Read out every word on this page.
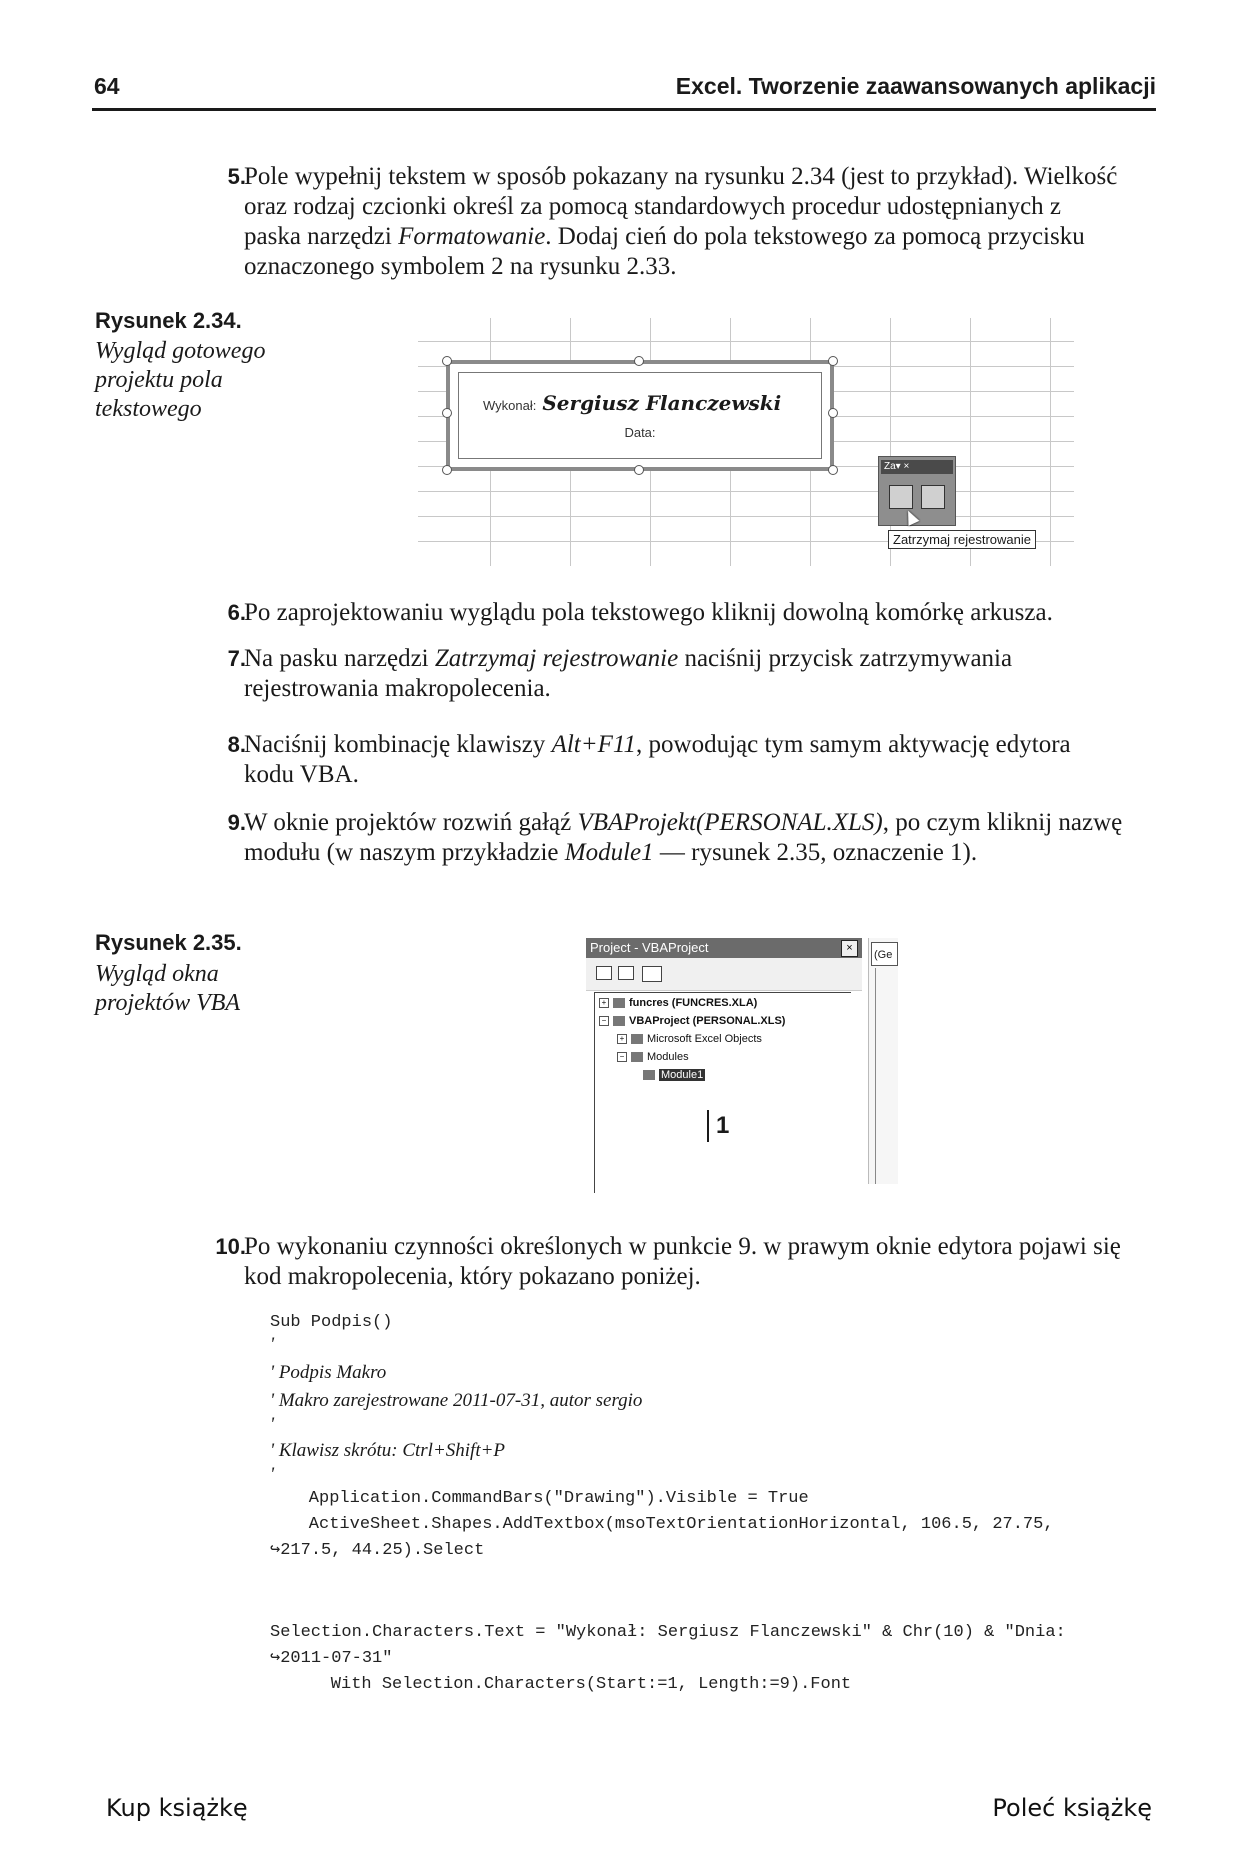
64	Excel. Tworzenie zaawansowanych aplikacji
5.
Pole wypełnij tekstem w sposób pokazany na rysunku 2.34 (jest to przykład). Wielkość oraz rodzaj czcionki określ za pomocą standardowych procedur udostępnianych z paska narzędzi Formatowanie. Dodaj cień do pola tekstowego za pomocą przycisku oznaczonego symbolem 2 na rysunku 2.33.
Rysunek 2.34.
Wygląd gotowego projektu pola tekstowego	Wykonał: Sergiusz Flanczewski
Data:
Za▾ ×
Zatrzymaj rejestrowanie
6.
Po zaprojektowaniu wyglądu pola tekstowego kliknij dowolną komórkę arkusza.
7.
Na pasku narzędzi Zatrzymaj rejestrowanie naciśnij przycisk zatrzymywania rejestrowania makropolecenia.
8.
Naciśnij kombinację klawiszy Alt+F11, powodując tym samym aktywację edytora kodu VBA.
9.
W oknie projektów rozwiń gałąź VBAProjekt(PERSONAL.XLS), po czym kliknij nazwę modułu (w naszym przykładzie Module1 — rysunek 2.35, oznaczenie 1).
Rysunek 2.35.
Wygląd okna projektów VBA
Project - VBAProject	×
+ funcres (FUNCRES.XLA)
− VBAProject (PERSONAL.XLS)
+ Microsoft Excel Objects
− Modules
Module1
1
(Ge
10.
Po wykonaniu czynności określonych w punkcie 9. w prawym oknie edytora pojawi się kod makropolecenia, który pokazano poniżej.
Sub Podpis()
'
' Podpis Makro
' Makro zarejestrowane 2011-07-31, autor sergio
'
' Klawisz skrótu: Ctrl+Shift+P
'
Application.CommandBars("Drawing").Visible = True
ActiveSheet.Shapes.AddTextbox(msoTextOrientationHorizontal, 106.5, 27.75,
↪217.5, 44.25).Select
Selection.Characters.Text = "Wykonał: Sergiusz Flanczewski" & Chr(10) & "Dnia:
↪2011-07-31"
With Selection.Characters(Start:=1, Length:=9).Font
Kup książkę	Poleć książkę
